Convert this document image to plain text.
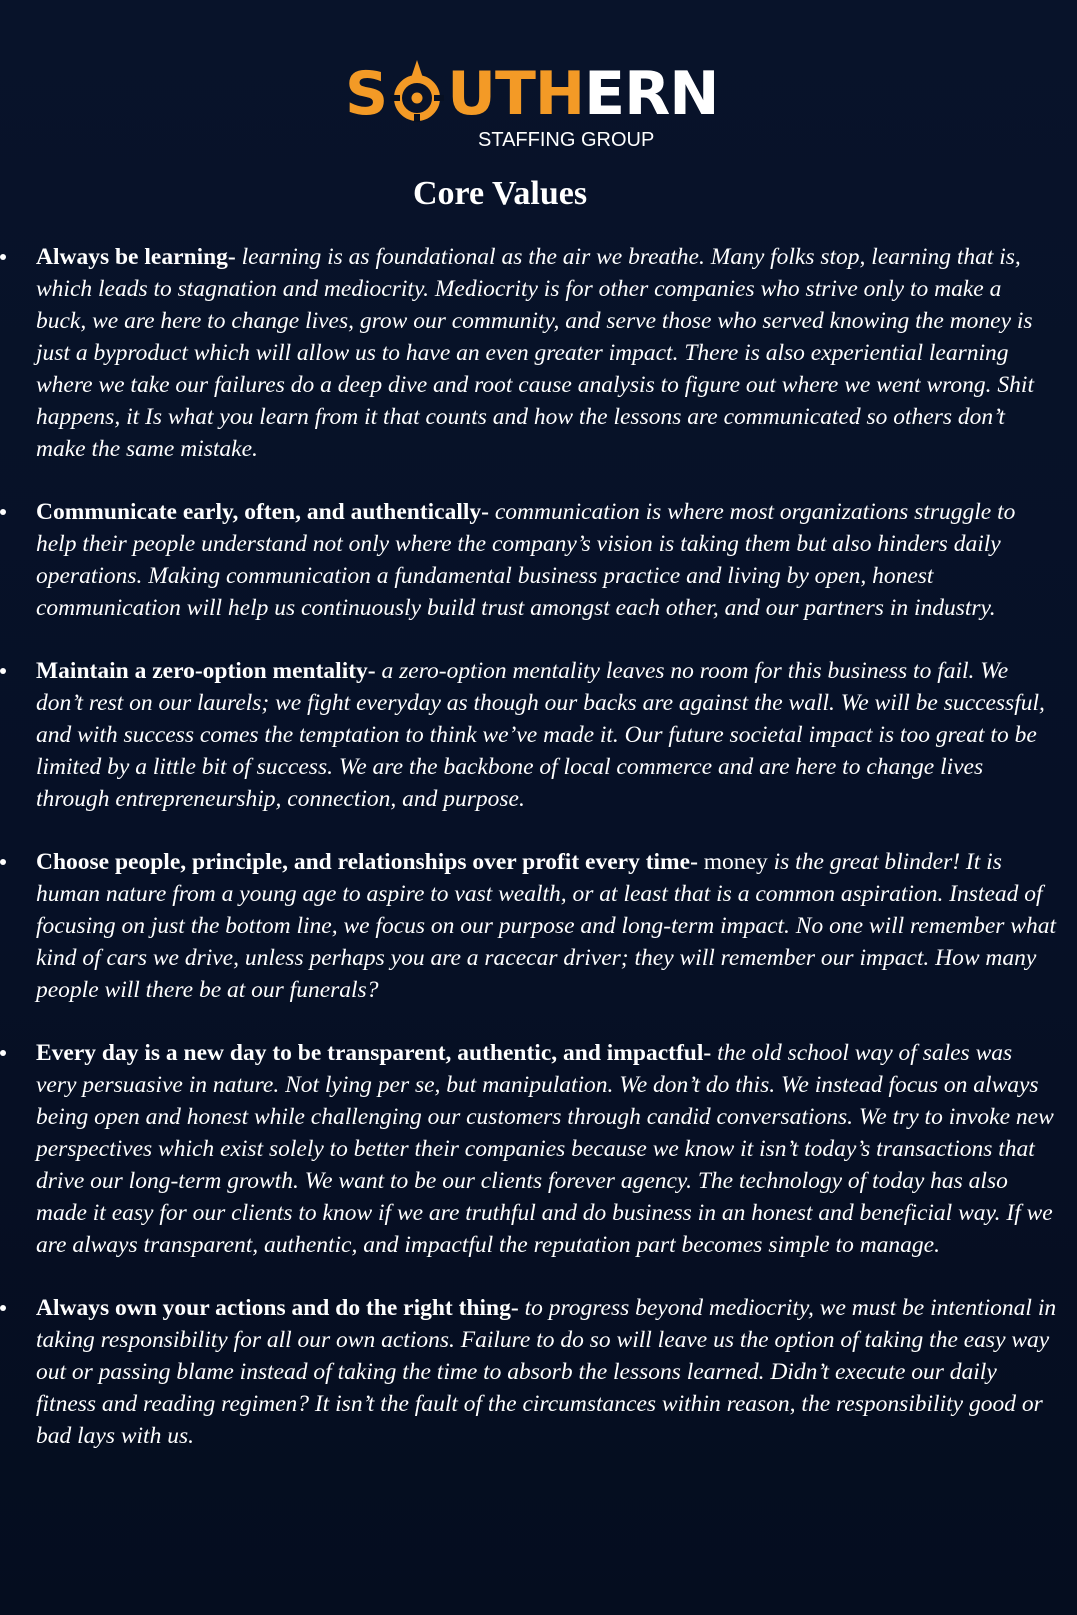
S UTH ERN
STAFFING GROUP
Core Values
Always be learning- learning is as foundational as the air we breathe. Many folks stop, learning that is, which leads to stagnation and mediocrity. Mediocrity is for other companies who strive only to make a buck, we are here to change lives, grow our community, and serve those who served knowing the money is just a byproduct which will allow us to have an even greater impact. There is also experiential learning where we take our failures do a deep dive and root cause analysis to figure out where we went wrong. Shit happens, it Is what you learn from it that counts and how the lessons are communicated so others don’t make the same mistake.
Communicate early, often, and authentically- communication is where most organizations struggle to help their people understand not only where the company’s vision is taking them but also hinders daily operations. Making communication a fundamental business practice and living by open, honest communication will help us continuously build trust amongst each other, and our partners in industry.
Maintain a zero-option mentality- a zero-option mentality leaves no room for this business to fail. We don’t rest on our laurels; we fight everyday as though our backs are against the wall. We will be successful, and with success comes the temptation to think we’ve made it. Our future societal impact is too great to be limited by a little bit of success. We are the backbone of local commerce and are here to change lives through entrepreneurship, connection, and purpose.
Choose people, principle, and relationships over profit every time- money is the great blinder! It is human nature from a young age to aspire to vast wealth, or at least that is a common aspiration. Instead of focusing on just the bottom line, we focus on our purpose and long-term impact. No one will remember what kind of cars we drive, unless perhaps you are a racecar driver; they will remember our impact. How many people will there be at our funerals?
Every day is a new day to be transparent, authentic, and impactful- the old school way of sales was very persuasive in nature. Not lying per se, but manipulation. We don’t do this. We instead focus on always being open and honest while challenging our customers through candid conversations. We try to invoke new perspectives which exist solely to better their companies because we know it isn’t today’s transactions that drive our long-term growth. We want to be our clients forever agency. The technology of today has also made it easy for our clients to know if we are truthful and do business in an honest and beneficial way. If we are always transparent, authentic, and impactful the reputation part becomes simple to manage.
Always own your actions and do the right thing- to progress beyond mediocrity, we must be intentional in taking responsibility for all our own actions. Failure to do so will leave us the option of taking the easy way out or passing blame instead of taking the time to absorb the lessons learned. Didn’t execute our daily fitness and reading regimen? It isn’t the fault of the circumstances within reason, the responsibility good or bad lays with us.
